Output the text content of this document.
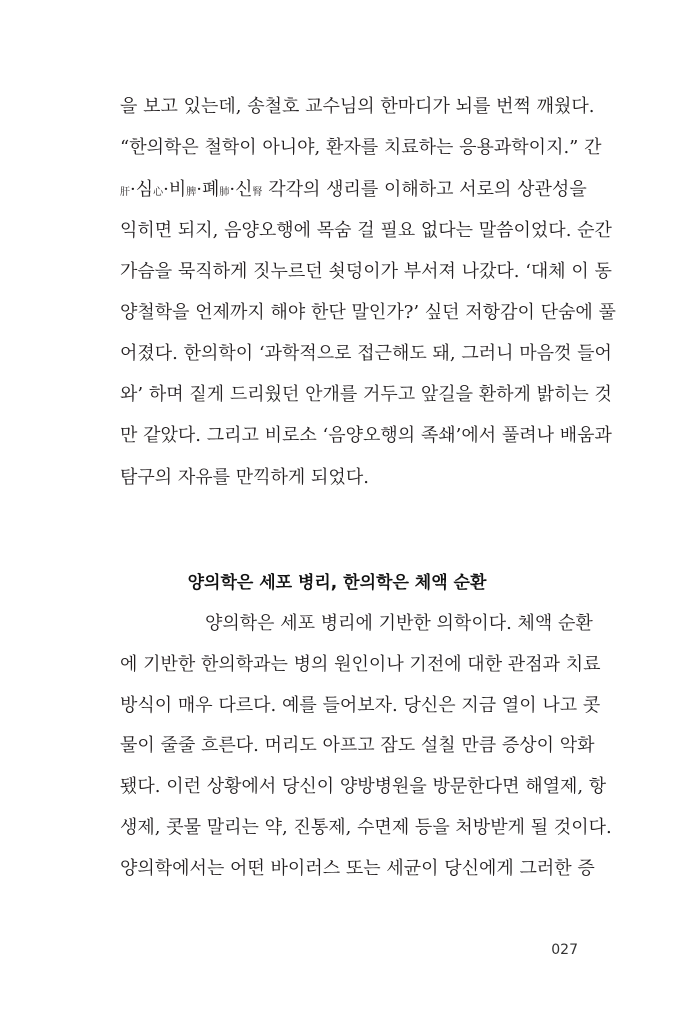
을 보고 있는데, 송철호 교수님의 한마디가 뇌를 번쩍 깨웠다.
“한의학은 철학이 아니야, 환자를 치료하는 응용과학이지.” 간
肝·심心·비脾·폐肺·신腎 각각의 생리를 이해하고 서로의 상관성을
익히면 되지, 음양오행에 목숨 걸 필요 없다는 말씀이었다. 순간
가슴을 묵직하게 짓누르던 쇳덩이가 부서져 나갔다. ‘대체 이 동
양철학을 언제까지 해야 한단 말인가?’ 싶던 저항감이 단숨에 풀
어졌다. 한의학이 ‘과학적으로 접근해도 돼, 그러니 마음껏 들어
와’ 하며 짙게 드리웠던 안개를 거두고 앞길을 환하게 밝히는 것
만 같았다. 그리고 비로소 ‘음양오행의 족쇄’에서 풀려나 배움과
탐구의 자유를 만끽하게 되었다.
양의학은 세포 병리, 한의학은 체액 순환
양의학은 세포 병리에 기반한 의학이다. 체액 순환
에 기반한 한의학과는 병의 원인이나 기전에 대한 관점과 치료
방식이 매우 다르다. 예를 들어보자. 당신은 지금 열이 나고 콧
물이 줄줄 흐른다. 머리도 아프고 잠도 설칠 만큼 증상이 악화
됐다. 이런 상황에서 당신이 양방병원을 방문한다면 해열제, 항
생제, 콧물 말리는 약, 진통제, 수면제 등을 처방받게 될 것이다.
양의학에서는 어떤 바이러스 또는 세균이 당신에게 그러한 증
027
